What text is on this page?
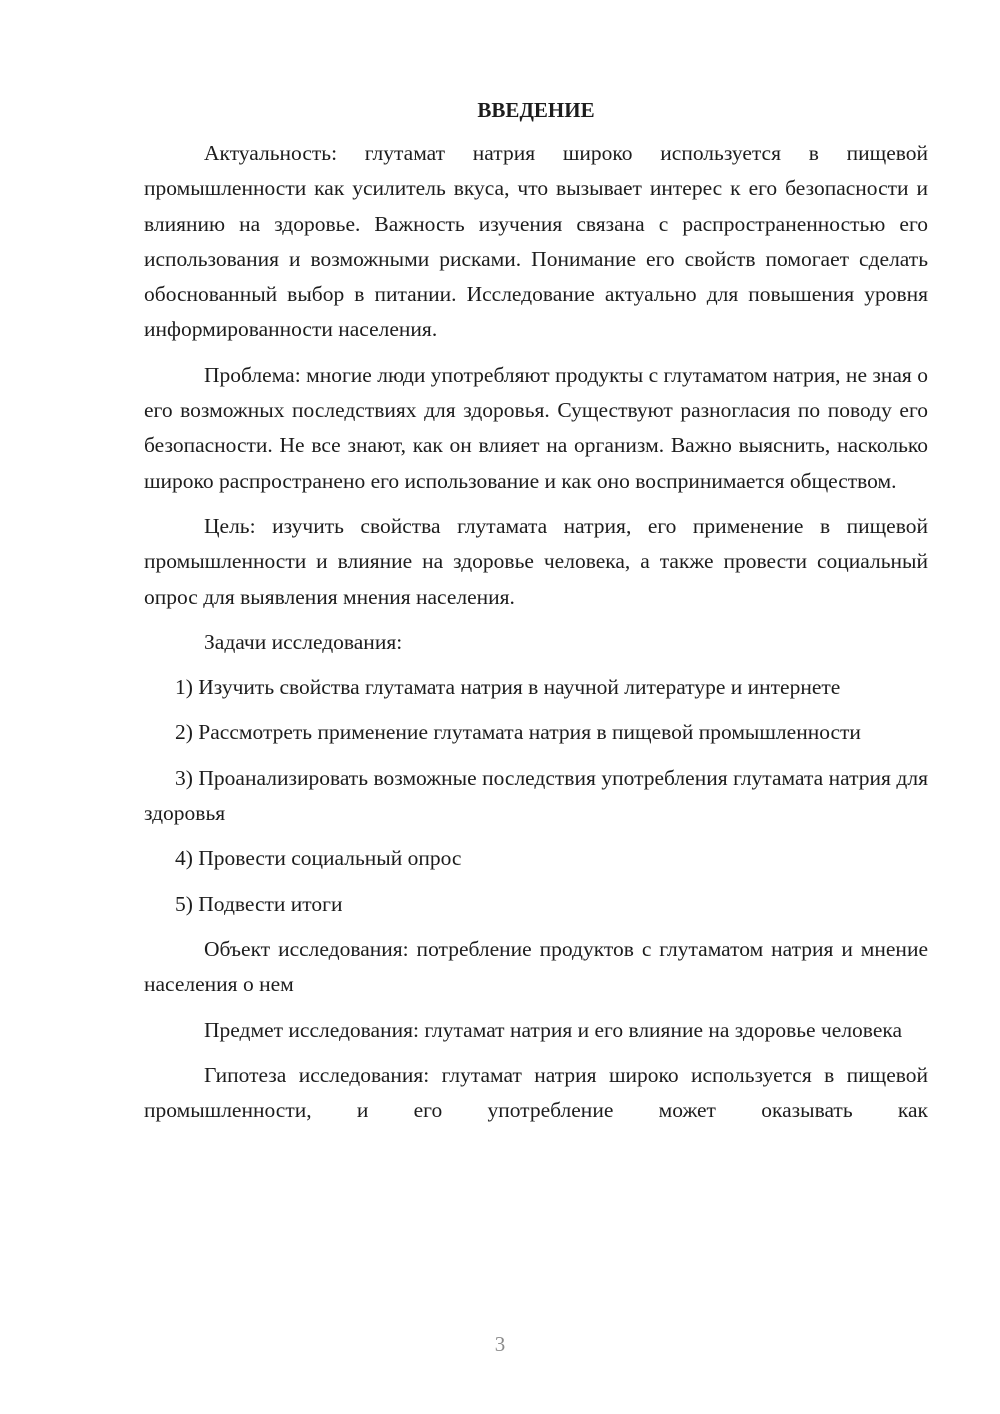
ВВЕДЕНИЕ

Актуальность: глутамат натрия широко используется в пищевой промышленности как усилитель вкуса, что вызывает интерес к его безопасности и влиянию на здоровье. Важность изучения связана с распространенностью его использования и возможными рисками. Понимание его свойств помогает сделать обоснованный выбор в питании. Исследование актуально для повышения уровня информированности населения.

Проблема: многие люди употребляют продукты с глутаматом натрия, не зная о его возможных последствиях для здоровья. Существуют разногласия по поводу его безопасности. Не все знают, как он влияет на организм. Важно выяснить, насколько широко распространено его использование и как оно воспринимается обществом.

Цель: изучить свойства глутамата натрия, его применение в пищевой промышленности и влияние на здоровье человека, а также провести социальный опрос для выявления мнения населения.

Задачи исследования:

1) Изучить свойства глутамата натрия в научной литературе и интернете

2) Рассмотреть применение глутамата натрия в пищевой промышленности

3) Проанализировать возможные последствия употребления глутамата натрия для здоровья

4) Провести социальный опрос

5) Подвести итоги

Объект исследования: потребление продуктов с глутаматом натрия и мнение населения о нем

Предмет исследования: глутамат натрия и его влияние на здоровье человека

Гипотеза исследования: глутамат натрия широко используется в пищевой промышленности, и его употребление может оказывать как

3
